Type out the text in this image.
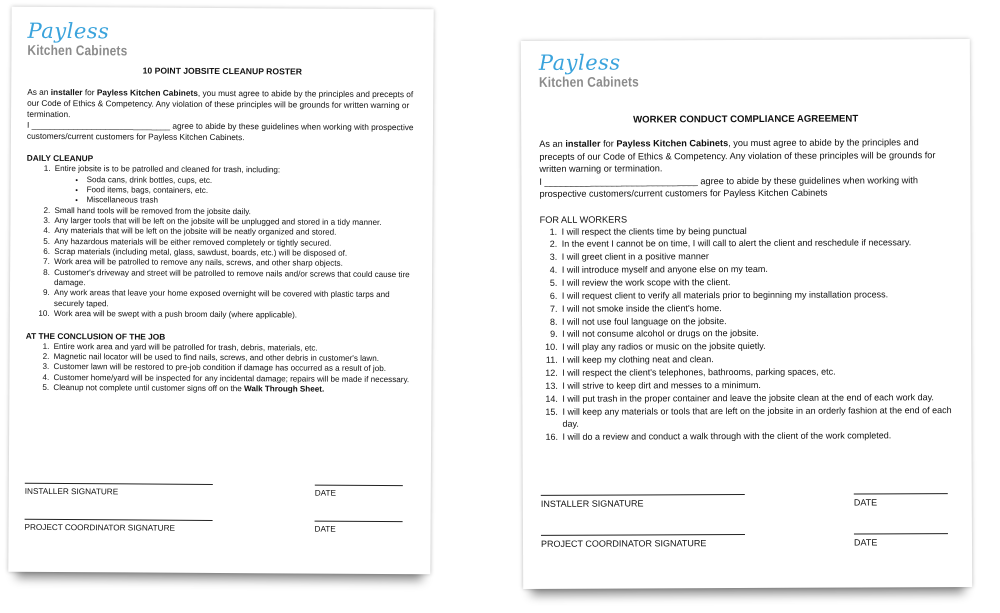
Payless
Kitchen Cabinets
10 POINT JOBSITE CLEANUP ROSTER

As an installer for Payless Kitchen Cabinets, you must agree to abide by the principles and precepts of our Code of Ethics & Competency. Any violation of these principles will be grounds for written warning or termination.

I ______________________________ agree to abide by these guidelines when working with prospective customers/current customers for Payless Kitchen Cabinets.

DAILY CLEANUP
1. Entire jobsite is to be patrolled and cleaned for trash, including:
• Soda cans, drink bottles, cups, etc.
• Food items, bags, containers, etc.
• Miscellaneous trash
2. Small hand tools will be removed from the jobsite daily.
3. Any larger tools that will be left on the jobsite will be unplugged and stored in a tidy manner.
4. Any materials that will be left on the jobsite will be neatly organized and stored.
5. Any hazardous materials will be either removed completely or tightly secured.
6. Scrap materials (including metal, glass, sawdust, boards, etc.) will be disposed of.
7. Work area will be patrolled to remove any nails, screws, and other sharp objects.
8. Customer's driveway and street will be patrolled to remove nails and/or screws that could cause tire damage.
9. Any work areas that leave your home exposed overnight will be covered with plastic tarps and securely taped.
10. Work area will be swept with a push broom daily (where applicable).
AT THE CONCLUSION OF THE JOB
1. Entire work area and yard will be patrolled for trash, debris, materials, etc.
2. Magnetic nail locator will be used to find nails, screws, and other debris in customer's lawn.
3. Customer lawn will be restored to pre-job condition if damage has occurred as a result of job.
4. Customer home/yard will be inspected for any incidental damage; repairs will be made if necessary.
5. Cleanup not complete until customer signs off on the Walk Through Sheet.
INSTALLER SIGNATURE	DATE
PROJECT COORDINATOR SIGNATURE	DATE
Payless
Kitchen Cabinets
WORKER CONDUCT COMPLIANCE AGREEMENT

As an installer for Payless Kitchen Cabinets, you must agree to abide by the principles and precepts of our Code of Ethics & Competency. Any violation of these principles will be grounds for written warning or termination.

I ______________________________ agree to abide by these guidelines when working with prospective customers/current customers for Payless Kitchen Cabinets

FOR ALL WORKERS
1. I will respect the clients time by being punctual
2. In the event I cannot be on time, I will call to alert the client and reschedule if necessary.
3. I will greet client in a positive manner
4. I will introduce myself and anyone else on my team.
5. I will review the work scope with the client.
6. I will request client to verify all materials prior to beginning my installation process.
7. I will not smoke inside the client's home.
8. I will not use foul language on the jobsite.
9. I will not consume alcohol or drugs on the jobsite.
10. I will play any radios or music on the jobsite quietly.
11. I will keep my clothing neat and clean.
12. I will respect the client's telephones, bathrooms, parking spaces, etc.
13. I will strive to keep dirt and messes to a minimum.
14. I will put trash in the proper container and leave the jobsite clean at the end of each work day.
15. I will keep any materials or tools that are left on the jobsite in an orderly fashion at the end of each day.
16. I will do a review and conduct a walk through with the client of the work completed.
INSTALLER SIGNATURE	DATE
PROJECT COORDINATOR SIGNATURE	DATE
